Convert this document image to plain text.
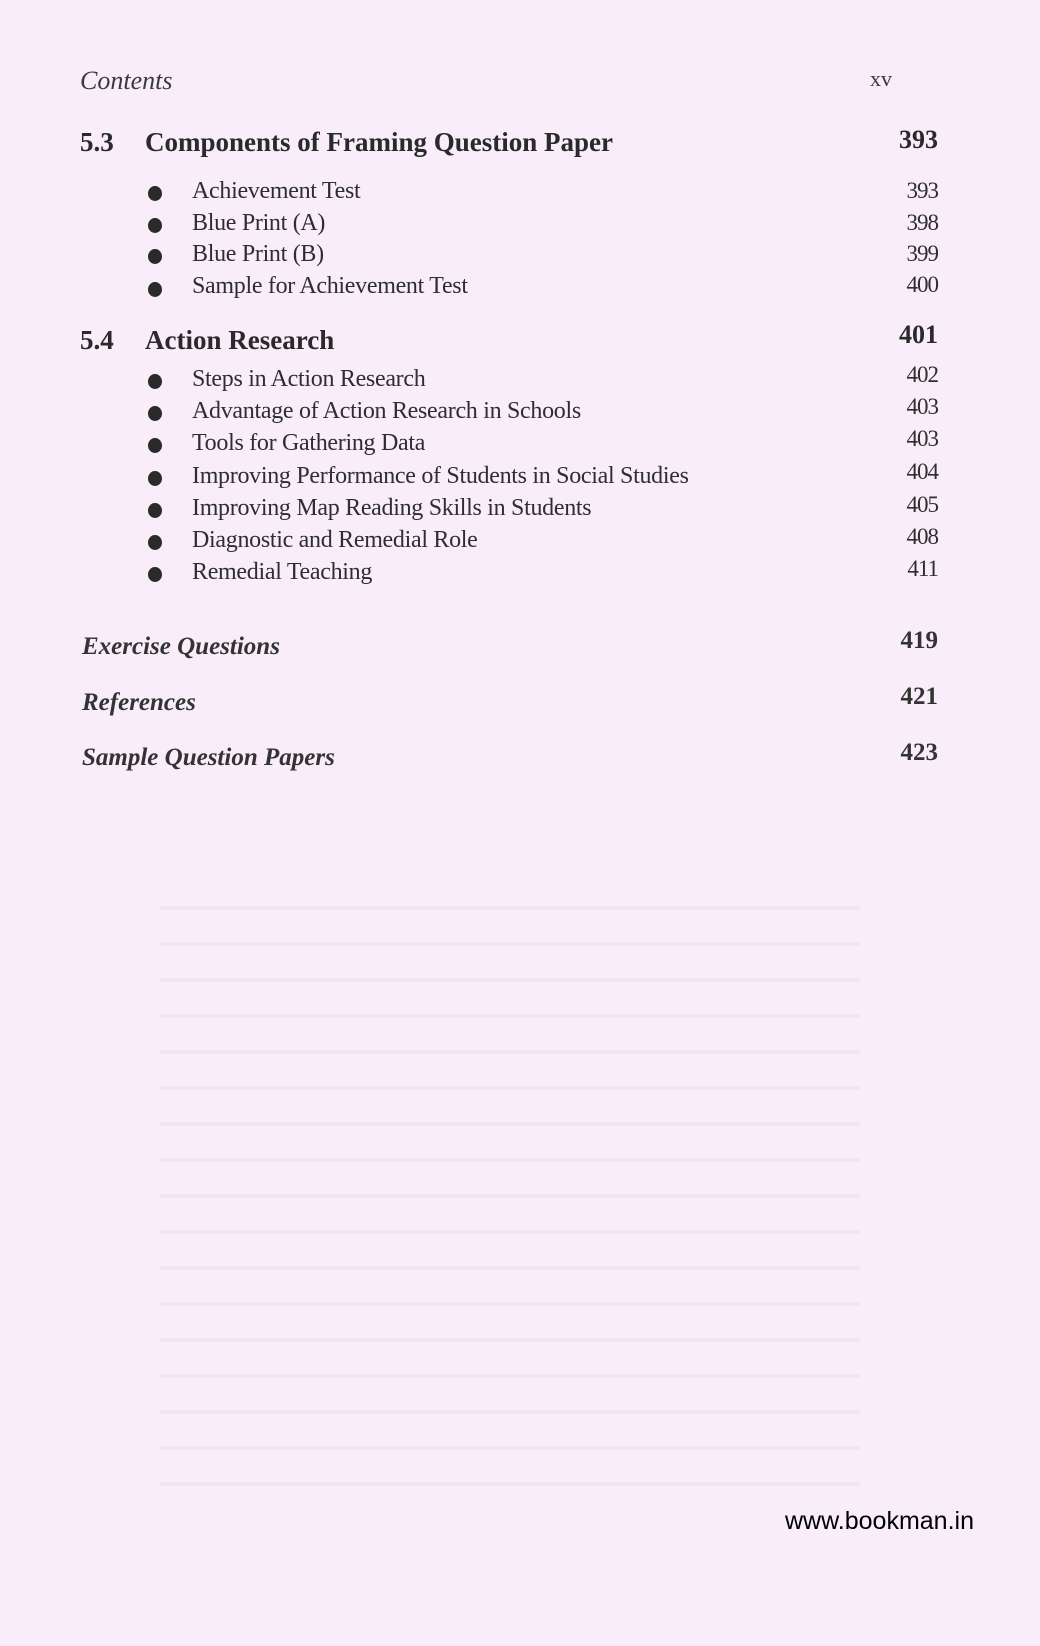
Contents	xv
5.3 Components of Framing Question Paper	393
Achievement Test	393
Blue Print (A)	398
Blue Print (B)	399
Sample for Achievement Test	400
5.4 Action Research	401
Steps in Action Research	402
Advantage of Action Research in Schools	403
Tools for Gathering Data	403
Improving Performance of Students in Social Studies	404
Improving Map Reading Skills in Students	405
Diagnostic and Remedial Role	408
Remedial Teaching	411
Exercise Questions	419
References	421
Sample Question Papers	423
www.bookman.in
